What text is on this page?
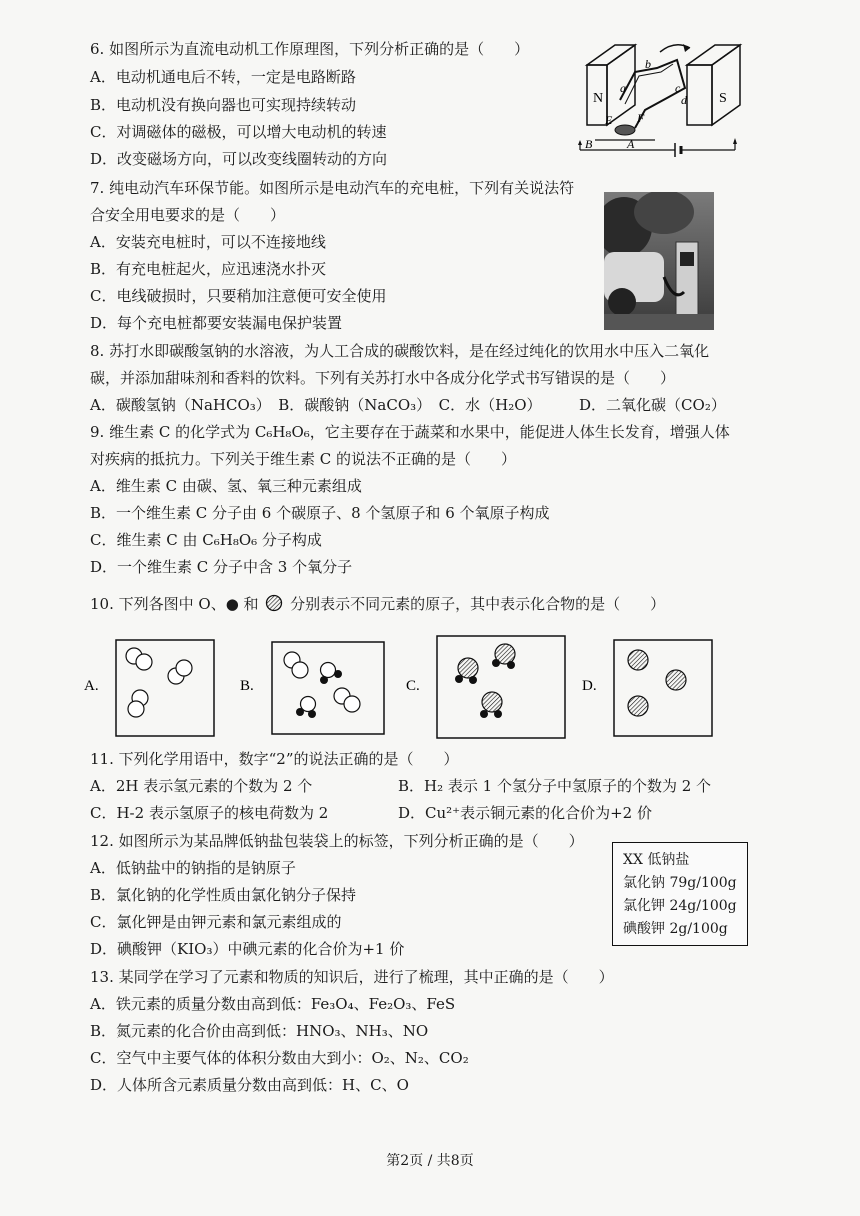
6. 如图所示为直流电动机工作原理图，下列分析正确的是（　　）
A．电动机通电后不转，一定是电路断路
B．电动机没有换向器也可实现持续转动
C．对调磁体的磁极，可以增大电动机的转速
D．改变磁场方向，可以改变线圈转动的方向
N	S
a
b
c
d
E F
A
B
7. 纯电动汽车环保节能。如图所示是电动汽车的充电桩，下列有关说法符
合安全用电要求的是（　　）
A．安装充电桩时，可以不连接地线
B．有充电桩起火，应迅速浇水扑灭
C．电线破损时，只要稍加注意便可安全使用
D．每个充电桩都要安装漏电保护装置
8. 苏打水即碳酸氢钠的水溶液，为人工合成的碳酸饮料，是在经过纯化的饮用水中压入二氧化
碳，并添加甜味剂和香料的饮料。下列有关苏打水中各成分化学式书写错误的是（　　）
A．碳酸氢钠（NaHCO₃）　B．碳酸钠（NaCO₃）　C．水（H₂O）　　　D．二氧化碳（CO₂）
9. 维生素 C 的化学式为 C₆H₈O₆，它主要存在于蔬菜和水果中，能促进人体生长发育，增强人体
对疾病的抵抗力。下列关于维生素 C 的说法不正确的是（　　）
A．维生素 C 由碳、氢、氧三种元素组成
B．一个维生素 C 分子由 6 个碳原子、8 个氢原子和 6 个氧原子构成
C．维生素 C 由 C₆H₈O₆ 分子构成
D．一个维生素 C 分子中含 3 个氧分子
10. 下列各图中 O、● 和 分别表示不同元素的原子，其中表示化合物的是（　　）
A.	B.	C.	D.
11. 下列化学用语中，数字“2”的说法正确的是（　　）
A．2H 表示氢元素的个数为 2 个	B．H₂ 表示 1 个氢分子中氢原子的个数为 2 个
C．H-2 表示氢原子的核电荷数为 2	D．Cu²⁺表示铜元素的化合价为+2 价
12. 如图所示为某品牌低钠盐包装袋上的标签，下列分析正确的是（　　）
A．低钠盐中的钠指的是钠原子
B．氯化钠的化学性质由氯化钠分子保持
C．氯化钾是由钾元素和氯元素组成的
D．碘酸钾（KIO₃）中碘元素的化合价为+1 价
XX 低钠盐
氯化钠 79g/100g
氯化钾 24g/100g
碘酸钾 2g/100g
13. 某同学在学习了元素和物质的知识后，进行了梳理，其中正确的是（　　）
A．铁元素的质量分数由高到低：Fe₃O₄、Fe₂O₃、FeS
B．氮元素的化合价由高到低：HNO₃、NH₃、NO
C．空气中主要气体的体积分数由大到小：O₂、N₂、CO₂
D．人体所含元素质量分数由高到低：H、C、O
第2页 / 共8页
